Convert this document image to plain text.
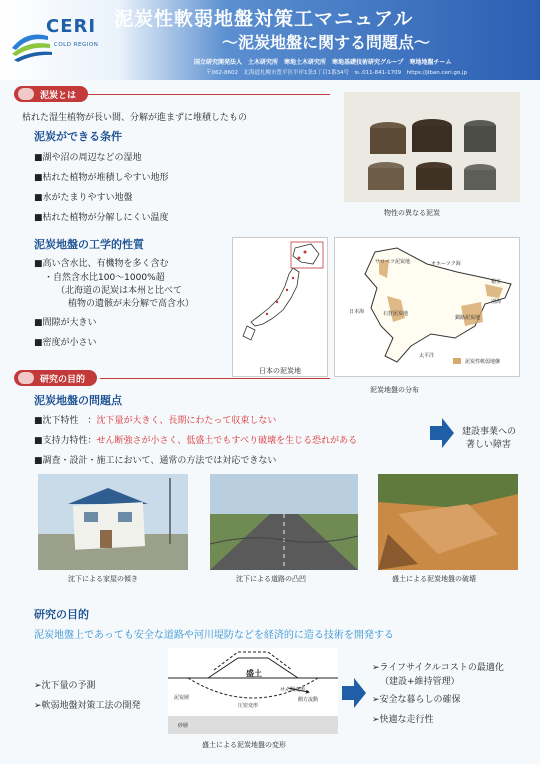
CERI
COLD REGION
泥炭性軟弱地盤対策工マニュアル
～泥炭地盤に関する問題点～
国立研究開発法人　土木研究所　寒地土木研究所　寒地基礎技術研究グループ　寒地地盤チーム
〒062-8602　北海道札幌市豊平区平岸1条3丁目1番34号　℡.011-841-1709　https://jiban.ceri.go.jp
泥炭とは
枯れた湿生植物が長い間、分解が進まずに堆積したもの
泥炭ができる条件
■湖や沼の周辺などの湿地
■枯れた植物が堆積しやすい地形
■水がたまりやすい地盤
■枯れた植物が分解しにくい温度	物性の異なる泥炭
泥炭地盤の工学的性質
■高い含水比、有機物を多く含む
・自然含水比100～1000%超
（北海道の泥炭は本州と比べて
植物の遺骸が未分解で高含水）
■間隙が大きい
■密度が小さい
日本の泥炭地
サロベツ泥炭地	オホーツク海
日本海	石狩泥炭地
釧路泥炭地
根室
別海
太平洋
泥炭性軟弱地盤
泥炭地盤の分布
研究の目的
泥炭地盤の問題点
■沈下特性　：沈下量が大きく、長期にわたって収束しない
■支持力特性：せん断強さが小さく、低盛土でもすべり破壊を生じる恐れがある
■調査・設計・施工において、通常の方法では対応できない
建設事業への
著しい障害
沈下による家屋の傾き	沈下による道路の凸凹	盛土による泥炭地盤の破壊
研究の目的
泥炭地盤上であっても安全な道路や河川堤防などを経済的に造る技術を開発する
➢沈下量の予測
➢軟弱地盤対策工法の開発
盛土
泥炭層
圧密変形
側方流動
せん断変形
砂層
盛土による泥炭地盤の変形
➢ライフサイクルコストの最適化
（建設+維持管理）
➢安全な暮らしの確保
➢快適な走行性
